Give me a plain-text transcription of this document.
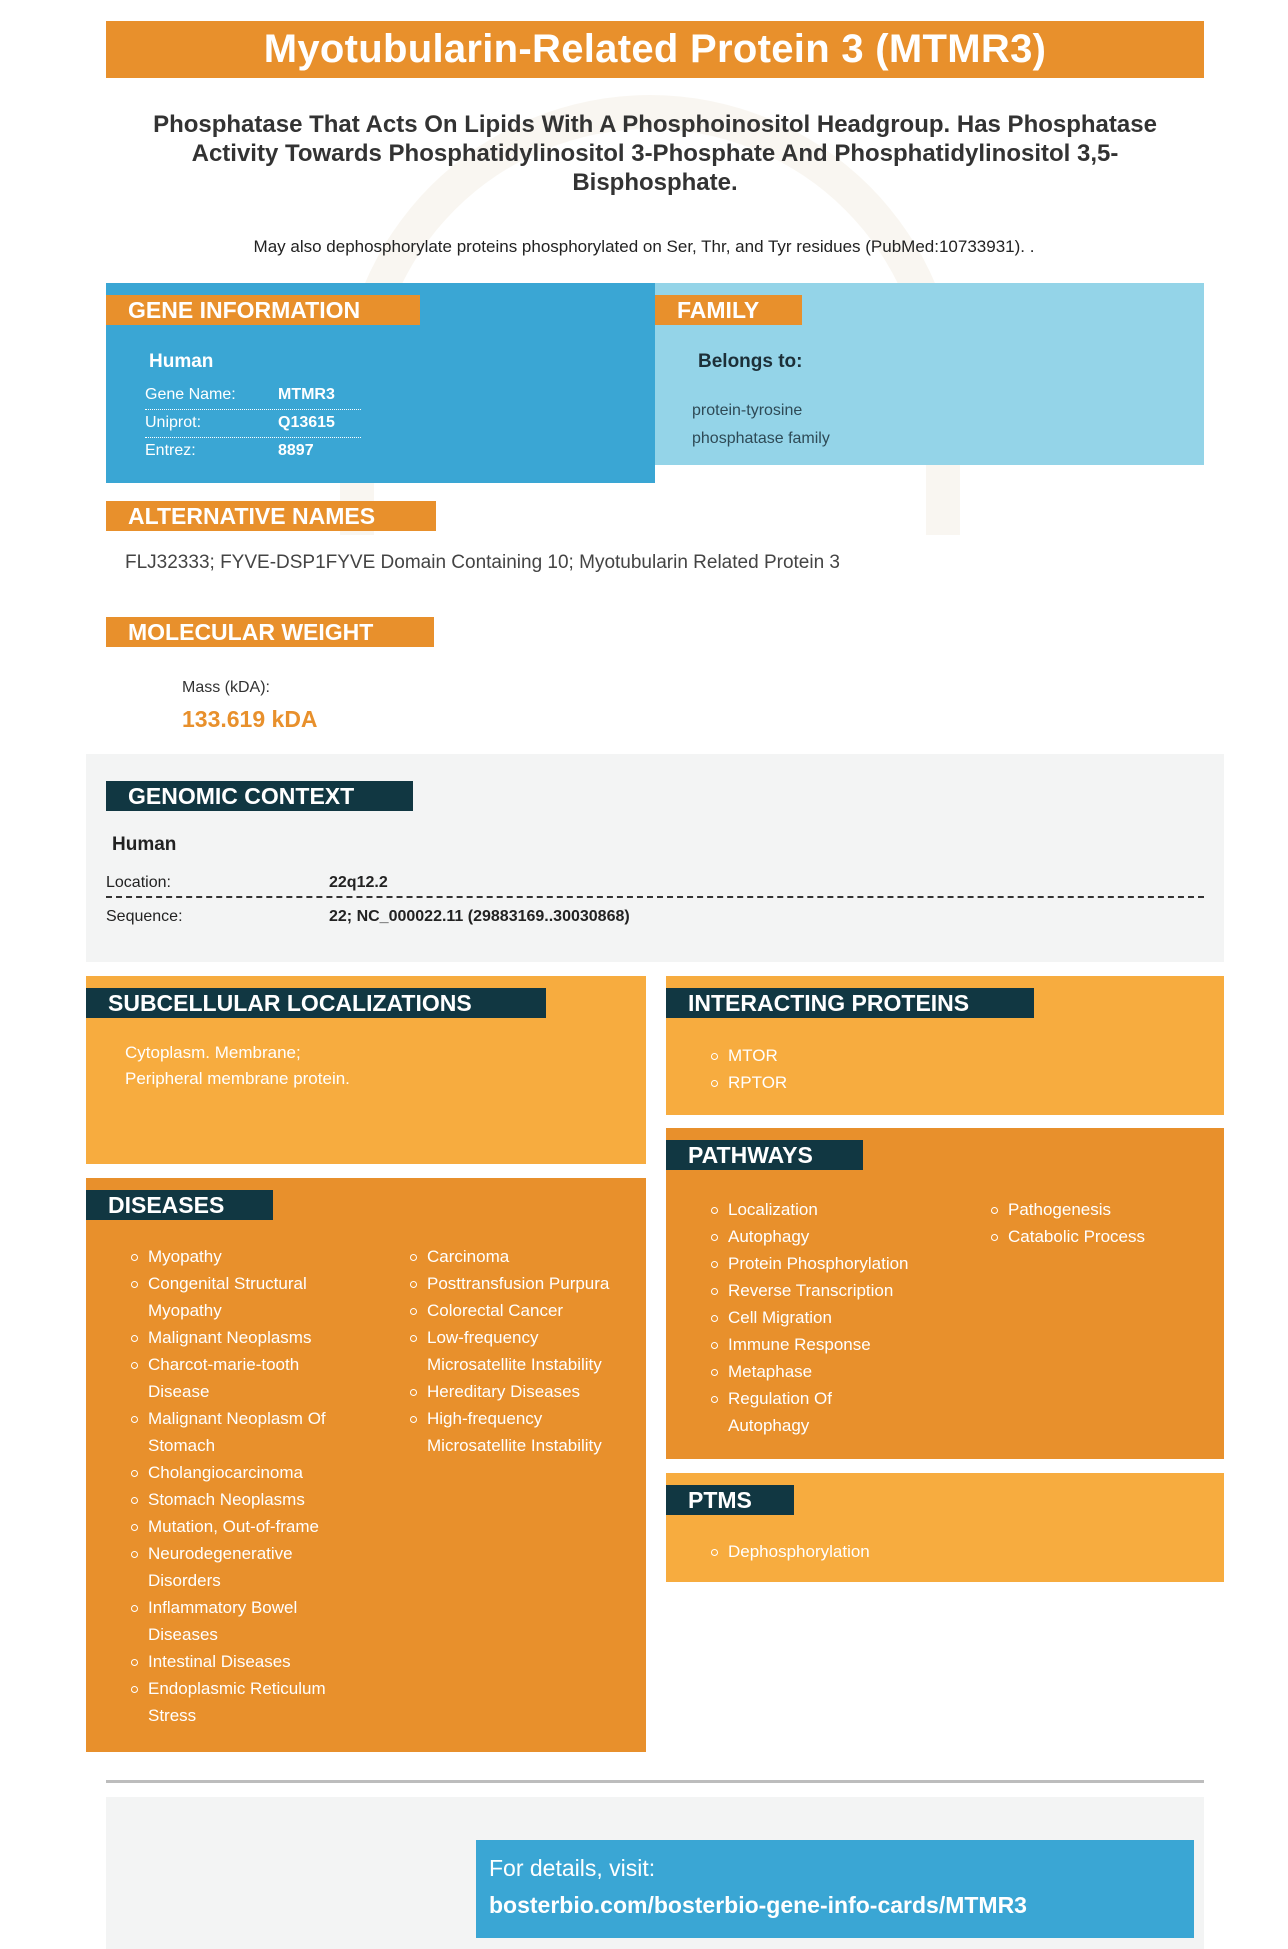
Myotubularin-Related Protein 3 (MTMR3)
Phosphatase That Acts On Lipids With A Phosphoinositol Headgroup. Has Phosphatase Activity Towards Phosphatidylinositol 3-Phosphate And Phosphatidylinositol 3,5-Bisphosphate.
May also dephosphorylate proteins phosphorylated on Ser, Thr, and Tyr residues (PubMed:10733931). .
GENE INFORMATION
Human
Gene Name:	MTMR3
Uniprot:	Q13615
Entrez:	8897
FAMILY
Belongs to:
protein-tyrosine
phosphatase family
ALTERNATIVE NAMES
FLJ32333; FYVE-DSP1FYVE Domain Containing 10; Myotubularin Related Protein 3
MOLECULAR WEIGHT
Mass (kDA):
133.619 kDA
GENOMIC CONTEXT
Human
Location:	22q12.2
Sequence:	22; NC_000022.11 (29883169..30030868)
SUBCELLULAR LOCALIZATIONS
Cytoplasm. Membrane; Peripheral membrane protein.
INTERACTING PROTEINS
MTOR
RPTOR
PATHWAYS
Localization
Autophagy
Protein Phosphorylation
Reverse Transcription
Cell Migration
Immune Response
Metaphase
Regulation Of Autophagy
Pathogenesis
Catabolic Process
PTMS
Dephosphorylation
DISEASES
Myopathy
Congenital Structural Myopathy
Malignant Neoplasms
Charcot-marie-tooth Disease
Malignant Neoplasm Of Stomach
Cholangiocarcinoma
Stomach Neoplasms
Mutation, Out-of-frame
Neurodegenerative Disorders
Inflammatory Bowel Diseases
Intestinal Diseases
Endoplasmic Reticulum Stress
Carcinoma
Posttransfusion Purpura
Colorectal Cancer
Low-frequency Microsatellite Instability
Hereditary Diseases
High-frequency Microsatellite Instability
For details, visit:
bosterbio.com/bosterbio-gene-info-cards/MTMR3
